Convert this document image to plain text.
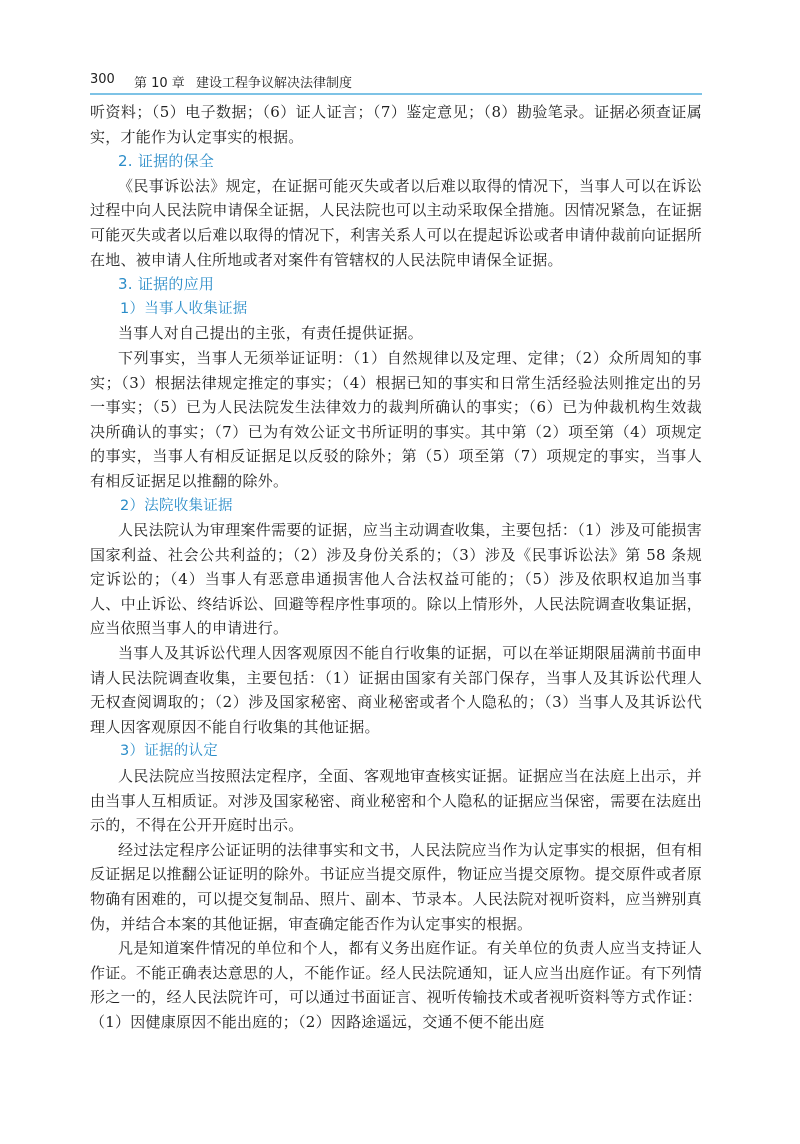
300 第 10 章 建设工程争议解决法律制度

听资料；（5）电子数据；（6）证人证言；（7）鉴定意见；（8）勘验笔录。证据必须查证属实，才能作为认定事实的根据。

2. 证据的保全

《民事诉讼法》规定，在证据可能灭失或者以后难以取得的情况下，当事人可以在诉讼过程中向人民法院申请保全证据，人民法院也可以主动采取保全措施。因情况紧急，在证据可能灭失或者以后难以取得的情况下，利害关系人可以在提起诉讼或者申请仲裁前向证据所在地、被申请人住所地或者对案件有管辖权的人民法院申请保全证据。

3. 证据的应用
1）当事人收集证据

当事人对自己提出的主张，有责任提供证据。

下列事实，当事人无须举证证明：（1）自然规律以及定理、定律；（2）众所周知的事实；（3）根据法律规定推定的事实；（4）根据已知的事实和日常生活经验法则推定出的另一事实；（5）已为人民法院发生法律效力的裁判所确认的事实；（6）已为仲裁机构生效裁决所确认的事实；（7）已为有效公证文书所证明的事实。其中第（2）项至第（4）项规定的事实，当事人有相反证据足以反驳的除外；第（5）项至第（7）项规定的事实，当事人有相反证据足以推翻的除外。

2）法院收集证据

人民法院认为审理案件需要的证据，应当主动调查收集，主要包括：（1）涉及可能损害国家利益、社会公共利益的；（2）涉及身份关系的；（3）涉及《民事诉讼法》第 58 条规定诉讼的；（4）当事人有恶意串通损害他人合法权益可能的；（5）涉及依职权追加当事人、中止诉讼、终结诉讼、回避等程序性事项的。除以上情形外，人民法院调查收集证据，应当依照当事人的申请进行。

当事人及其诉讼代理人因客观原因不能自行收集的证据，可以在举证期限届满前书面申请人民法院调查收集，主要包括：（1）证据由国家有关部门保存，当事人及其诉讼代理人无权查阅调取的；（2）涉及国家秘密、商业秘密或者个人隐私的；（3）当事人及其诉讼代理人因客观原因不能自行收集的其他证据。

3）证据的认定

人民法院应当按照法定程序，全面、客观地审查核实证据。证据应当在法庭上出示，并由当事人互相质证。对涉及国家秘密、商业秘密和个人隐私的证据应当保密，需要在法庭出示的，不得在公开开庭时出示。

经过法定程序公证证明的法律事实和文书，人民法院应当作为认定事实的根据，但有相反证据足以推翻公证证明的除外。书证应当提交原件，物证应当提交原物。提交原件或者原物确有困难的，可以提交复制品、照片、副本、节录本。人民法院对视听资料，应当辨别真伪，并结合本案的其他证据，审查确定能否作为认定事实的根据。

凡是知道案件情况的单位和个人，都有义务出庭作证。有关单位的负责人应当支持证人作证。不能正确表达意思的人，不能作证。经人民法院通知，证人应当出庭作证。有下列情形之一的，经人民法院许可，可以通过书面证言、视听传输技术或者视听资料等方式作证：（1）因健康原因不能出庭的；（2）因路途遥远，交通不便不能出庭
